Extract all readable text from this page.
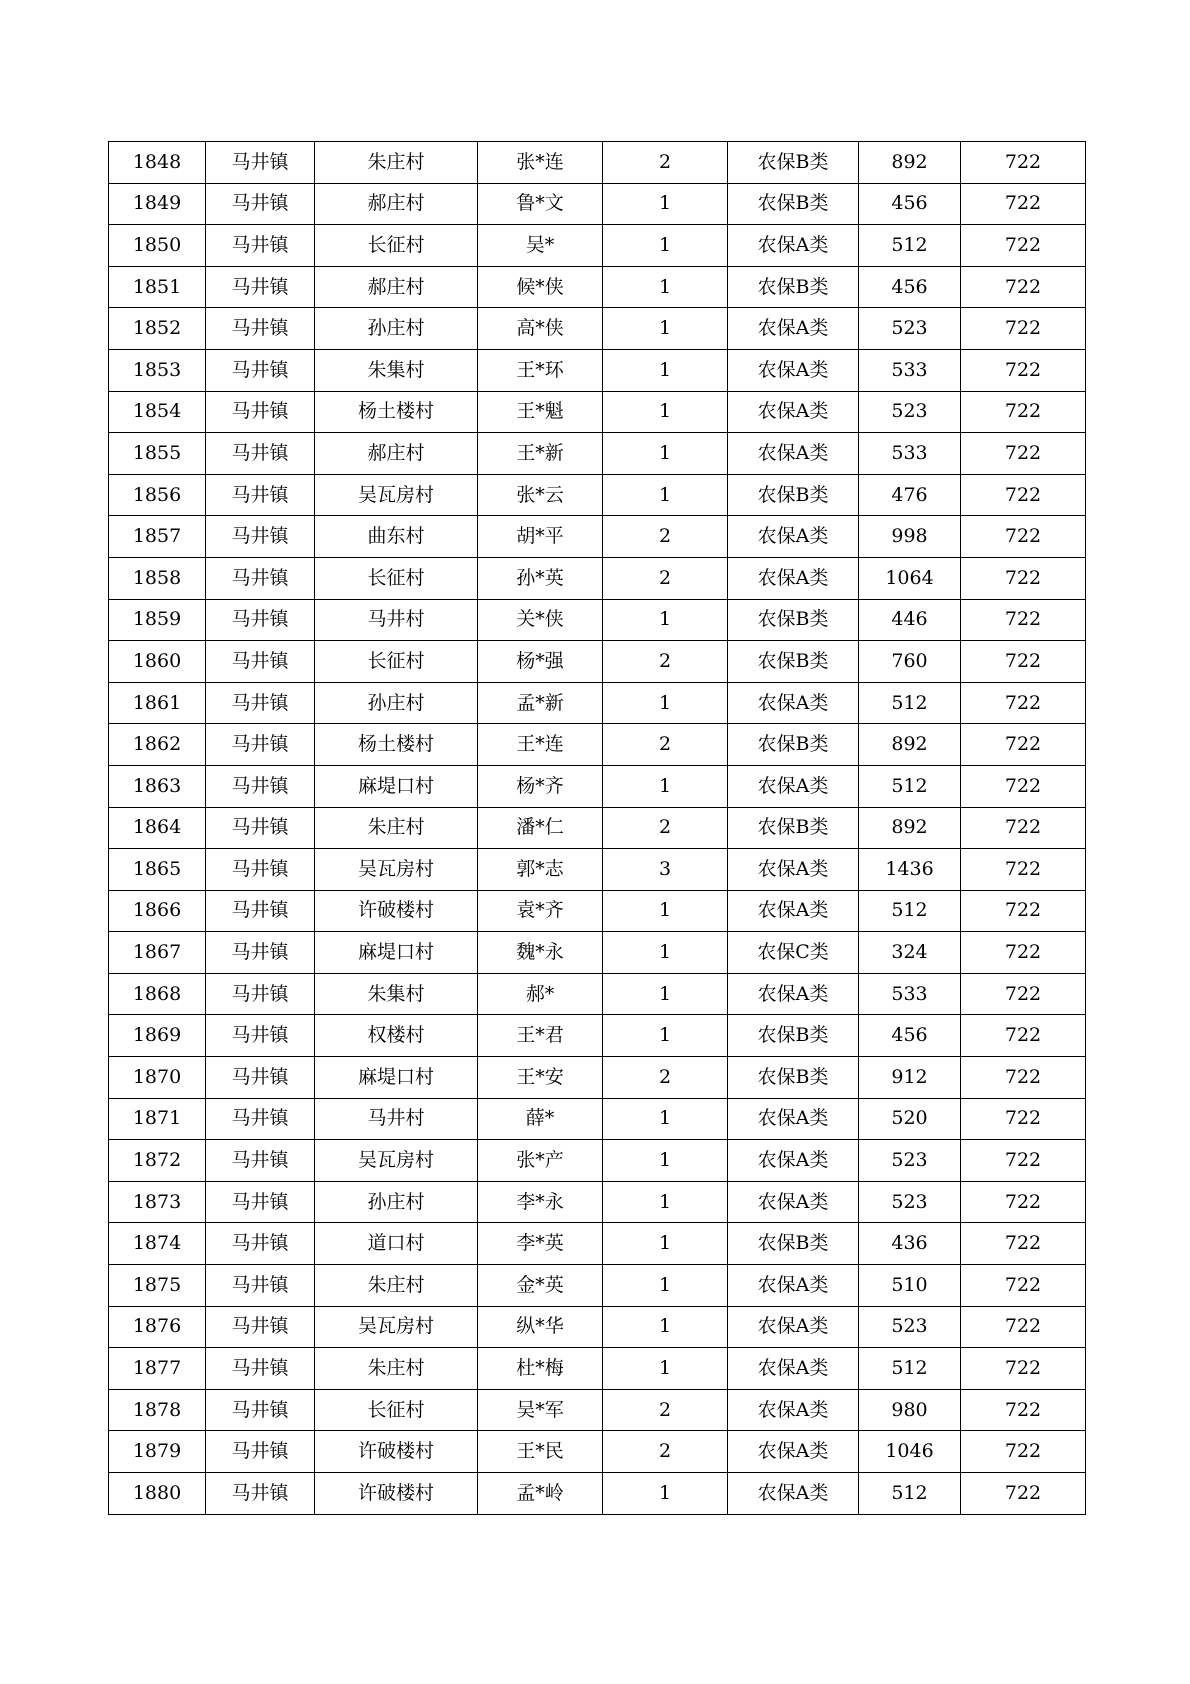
1848	马井镇	朱庄村	张*连	2	农保B类	892	722
1849	马井镇	郝庄村	鲁*文	1	农保B类	456	722
1850	马井镇	长征村	吴*	1	农保A类	512	722
1851	马井镇	郝庄村	候*侠	1	农保B类	456	722
1852	马井镇	孙庄村	高*侠	1	农保A类	523	722
1853	马井镇	朱集村	王*环	1	农保A类	533	722
1854	马井镇	杨土楼村	王*魁	1	农保A类	523	722
1855	马井镇	郝庄村	王*新	1	农保A类	533	722
1856	马井镇	吴瓦房村	张*云	1	农保B类	476	722
1857	马井镇	曲东村	胡*平	2	农保A类	998	722
1858	马井镇	长征村	孙*英	2	农保A类	1064	722
1859	马井镇	马井村	关*侠	1	农保B类	446	722
1860	马井镇	长征村	杨*强	2	农保B类	760	722
1861	马井镇	孙庄村	孟*新	1	农保A类	512	722
1862	马井镇	杨土楼村	王*连	2	农保B类	892	722
1863	马井镇	麻堤口村	杨*齐	1	农保A类	512	722
1864	马井镇	朱庄村	潘*仁	2	农保B类	892	722
1865	马井镇	吴瓦房村	郭*志	3	农保A类	1436	722
1866	马井镇	许破楼村	袁*齐	1	农保A类	512	722
1867	马井镇	麻堤口村	魏*永	1	农保C类	324	722
1868	马井镇	朱集村	郝*	1	农保A类	533	722
1869	马井镇	权楼村	王*君	1	农保B类	456	722
1870	马井镇	麻堤口村	王*安	2	农保B类	912	722
1871	马井镇	马井村	薛*	1	农保A类	520	722
1872	马井镇	吴瓦房村	张*产	1	农保A类	523	722
1873	马井镇	孙庄村	李*永	1	农保A类	523	722
1874	马井镇	道口村	李*英	1	农保B类	436	722
1875	马井镇	朱庄村	金*英	1	农保A类	510	722
1876	马井镇	吴瓦房村	纵*华	1	农保A类	523	722
1877	马井镇	朱庄村	杜*梅	1	农保A类	512	722
1878	马井镇	长征村	吴*军	2	农保A类	980	722
1879	马井镇	许破楼村	王*民	2	农保A类	1046	722
1880	马井镇	许破楼村	孟*岭	1	农保A类	512	722
